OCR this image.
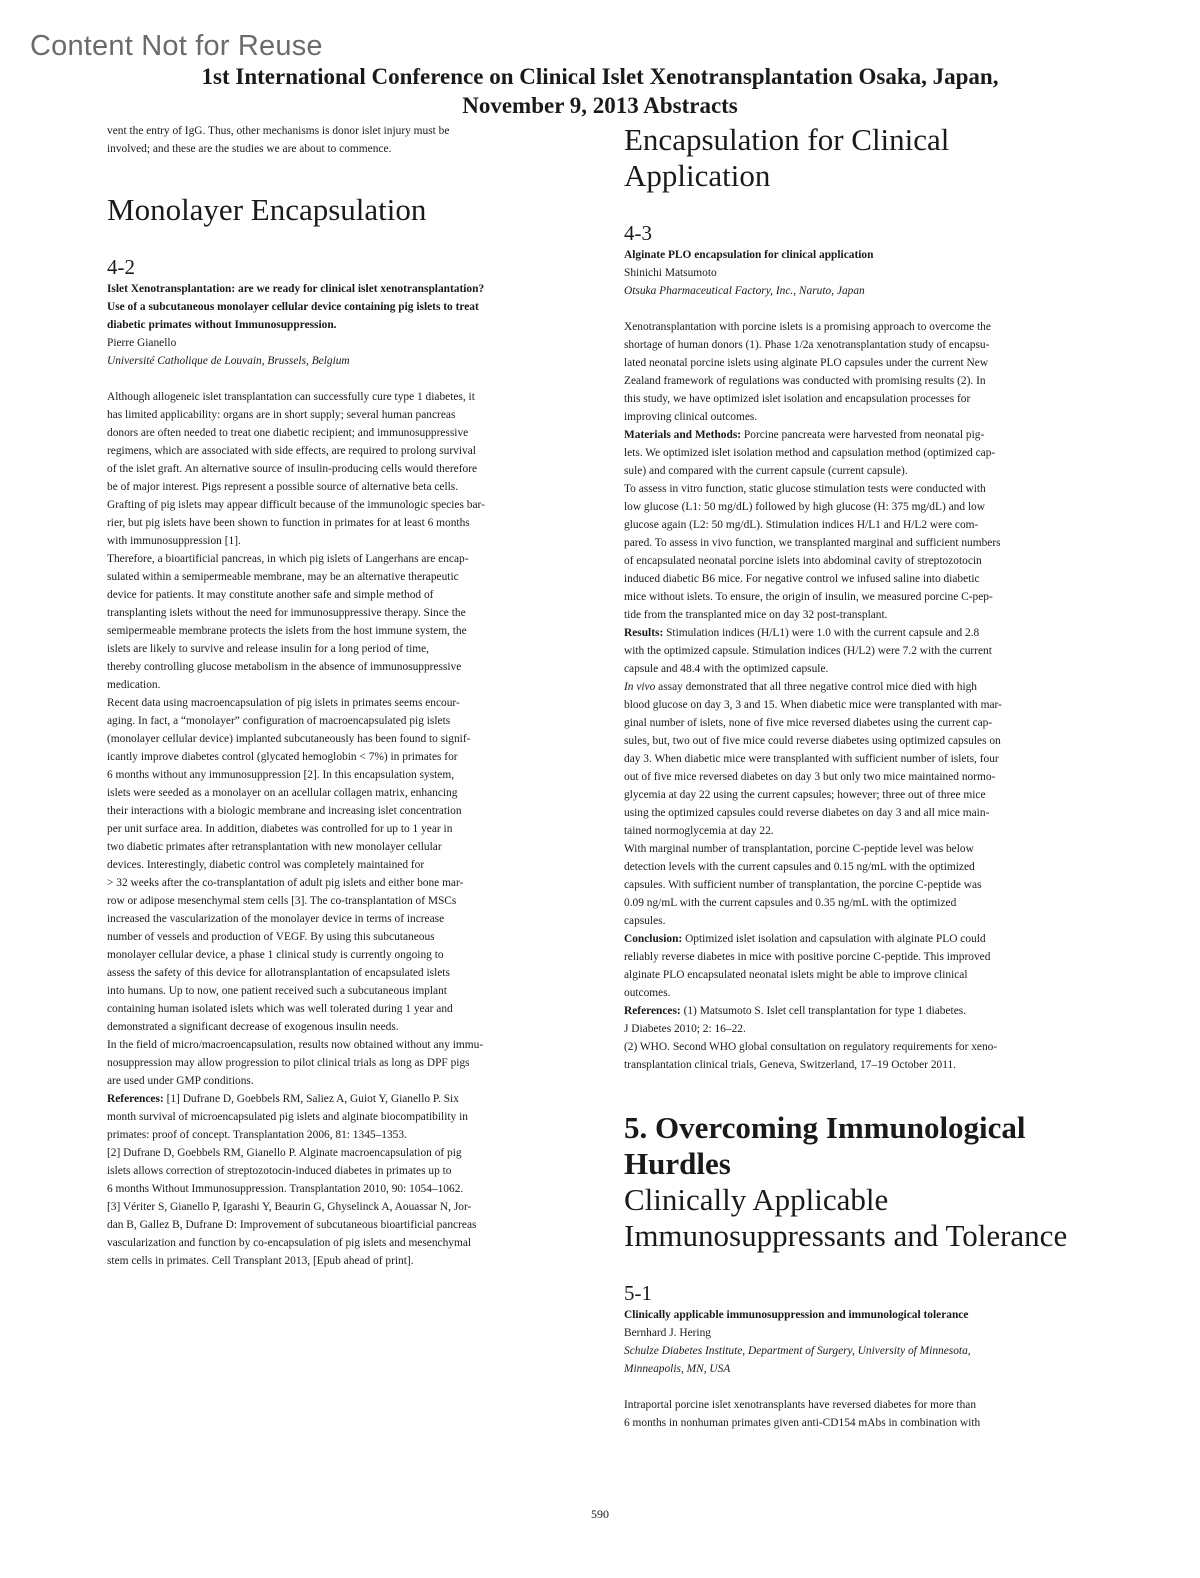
Content Not for Reuse
1st International Conference on Clinical Islet Xenotransplantation Osaka, Japan,
November 9, 2013 Abstracts

vent the entry of IgG. Thus, other mechanisms is donor islet injury must be

involved; and these are the studies we are about to commence.

Monolayer Encapsulation
4-2

Islet Xenotransplantation: are we ready for clinical islet xenotransplantation?

Use of a subcutaneous monolayer cellular device containing pig islets to treat

diabetic primates without Immunosuppression.

Pierre Gianello
Université Catholique de Louvain, Brussels, Belgium

Although allogeneic islet transplantation can successfully cure type 1 diabetes, it

has limited applicability: organs are in short supply; several human pancreas

donors are often needed to treat one diabetic recipient; and immunosuppressive

regimens, which are associated with side effects, are required to prolong survival

of the islet graft. An alternative source of insulin-producing cells would therefore

be of major interest. Pigs represent a possible source of alternative beta cells.

Grafting of pig islets may appear difficult because of the immunologic species bar-

rier, but pig islets have been shown to function in primates for at least 6 months

with immunosuppression [1].

Therefore, a bioartificial pancreas, in which pig islets of Langerhans are encap-

sulated within a semipermeable membrane, may be an alternative therapeutic

device for patients. It may constitute another safe and simple method of

transplanting islets without the need for immunosuppressive therapy. Since the

semipermeable membrane protects the islets from the host immune system, the

islets are likely to survive and release insulin for a long period of time,

thereby controlling glucose metabolism in the absence of immunosuppressive

medication.

Recent data using macroencapsulation of pig islets in primates seems encour-

aging. In fact, a “monolayer” configuration of macroencapsulated pig islets

(monolayer cellular device) implanted subcutaneously has been found to signif-

icantly improve diabetes control (glycated hemoglobin < 7%) in primates for

6 months without any immunosuppression [2]. In this encapsulation system,

islets were seeded as a monolayer on an acellular collagen matrix, enhancing

their interactions with a biologic membrane and increasing islet concentration

per unit surface area. In addition, diabetes was controlled for up to 1 year in

two diabetic primates after retransplantation with new monolayer cellular

devices. Interestingly, diabetic control was completely maintained for

> 32 weeks after the co-transplantation of adult pig islets and either bone mar-

row or adipose mesenchymal stem cells [3]. The co-transplantation of MSCs

increased the vascularization of the monolayer device in terms of increase

number of vessels and production of VEGF. By using this subcutaneous

monolayer cellular device, a phase 1 clinical study is currently ongoing to

assess the safety of this device for allotransplantation of encapsulated islets

into humans. Up to now, one patient received such a subcutaneous implant

containing human isolated islets which was well tolerated during 1 year and

demonstrated a significant decrease of exogenous insulin needs.

In the field of micro/macroencapsulation, results now obtained without any immu-

nosuppression may allow progression to pilot clinical trials as long as DPF pigs

are used under GMP conditions.

References: [1] Dufrane D, Goebbels RM, Saliez A, Guiot Y, Gianello P. Six

month survival of microencapsulated pig islets and alginate biocompatibility in

primates: proof of concept. Transplantation 2006, 81: 1345–1353.

[2] Dufrane D, Goebbels RM, Gianello P. Alginate macroencapsulation of pig

islets allows correction of streptozotocin-induced diabetes in primates up to

6 months Without Immunosuppression. Transplantation 2010, 90: 1054–1062.

[3] Vériter S, Gianello P, Igarashi Y, Beaurin G, Ghyselinck A, Aouassar N, Jor-

dan B, Gallez B, Dufrane D: Improvement of subcutaneous bioartificial pancreas

vascularization and function by co-encapsulation of pig islets and mesenchymal

stem cells in primates. Cell Transplant 2013, [Epub ahead of print].

Encapsulation for Clinical
Application
4-3
Alginate PLO encapsulation for clinical application
Shinichi Matsumoto
Otsuka Pharmaceutical Factory, Inc., Naruto, Japan

Xenotransplantation with porcine islets is a promising approach to overcome the

shortage of human donors (1). Phase 1/2a xenotransplantation study of encapsu-

lated neonatal porcine islets using alginate PLO capsules under the current New

Zealand framework of regulations was conducted with promising results (2). In

this study, we have optimized islet isolation and encapsulation processes for

improving clinical outcomes.

Materials and Methods: Porcine pancreata were harvested from neonatal pig-

lets. We optimized islet isolation method and capsulation method (optimized cap-

sule) and compared with the current capsule (current capsule).

To assess in vitro function, static glucose stimulation tests were conducted with

low glucose (L1: 50 mg/dL) followed by high glucose (H: 375 mg/dL) and low

glucose again (L2: 50 mg/dL). Stimulation indices H/L1 and H/L2 were com-

pared. To assess in vivo function, we transplanted marginal and sufficient numbers

of encapsulated neonatal porcine islets into abdominal cavity of streptozotocin

induced diabetic B6 mice. For negative control we infused saline into diabetic

mice without islets. To ensure, the origin of insulin, we measured porcine C-pep-

tide from the transplanted mice on day 32 post-transplant.

Results: Stimulation indices (H/L1) were 1.0 with the current capsule and 2.8

with the optimized capsule. Stimulation indices (H/L2) were 7.2 with the current

capsule and 48.4 with the optimized capsule.

In vivo assay demonstrated that all three negative control mice died with high

blood glucose on day 3, 3 and 15. When diabetic mice were transplanted with mar-

ginal number of islets, none of five mice reversed diabetes using the current cap-

sules, but, two out of five mice could reverse diabetes using optimized capsules on

day 3. When diabetic mice were transplanted with sufficient number of islets, four

out of five mice reversed diabetes on day 3 but only two mice maintained normo-

glycemia at day 22 using the current capsules; however; three out of three mice

using the optimized capsules could reverse diabetes on day 3 and all mice main-

tained normoglycemia at day 22.

With marginal number of transplantation, porcine C-peptide level was below

detection levels with the current capsules and 0.15 ng/mL with the optimized

capsules. With sufficient number of transplantation, the porcine C-peptide was

0.09 ng/mL with the current capsules and 0.35 ng/mL with the optimized

capsules.

Conclusion: Optimized islet isolation and capsulation with alginate PLO could

reliably reverse diabetes in mice with positive porcine C-peptide. This improved

alginate PLO encapsulated neonatal islets might be able to improve clinical

outcomes.

References: (1) Matsumoto S. Islet cell transplantation for type 1 diabetes.

J Diabetes 2010; 2: 16–22.

(2) WHO. Second WHO global consultation on regulatory requirements for xeno-

transplantation clinical trials, Geneva, Switzerland, 17–19 October 2011.

5. Overcoming Immunological
Hurdles
Clinically Applicable
Immunosuppressants and Tolerance
5-1
Clinically applicable immunosuppression and immunological tolerance
Bernhard J. Hering

Schulze Diabetes Institute, Department of Surgery, University of Minnesota,

Minneapolis, MN, USA

Intraportal porcine islet xenotransplants have reversed diabetes for more than

6 months in nonhuman primates given anti-CD154 mAbs in combination with

590
